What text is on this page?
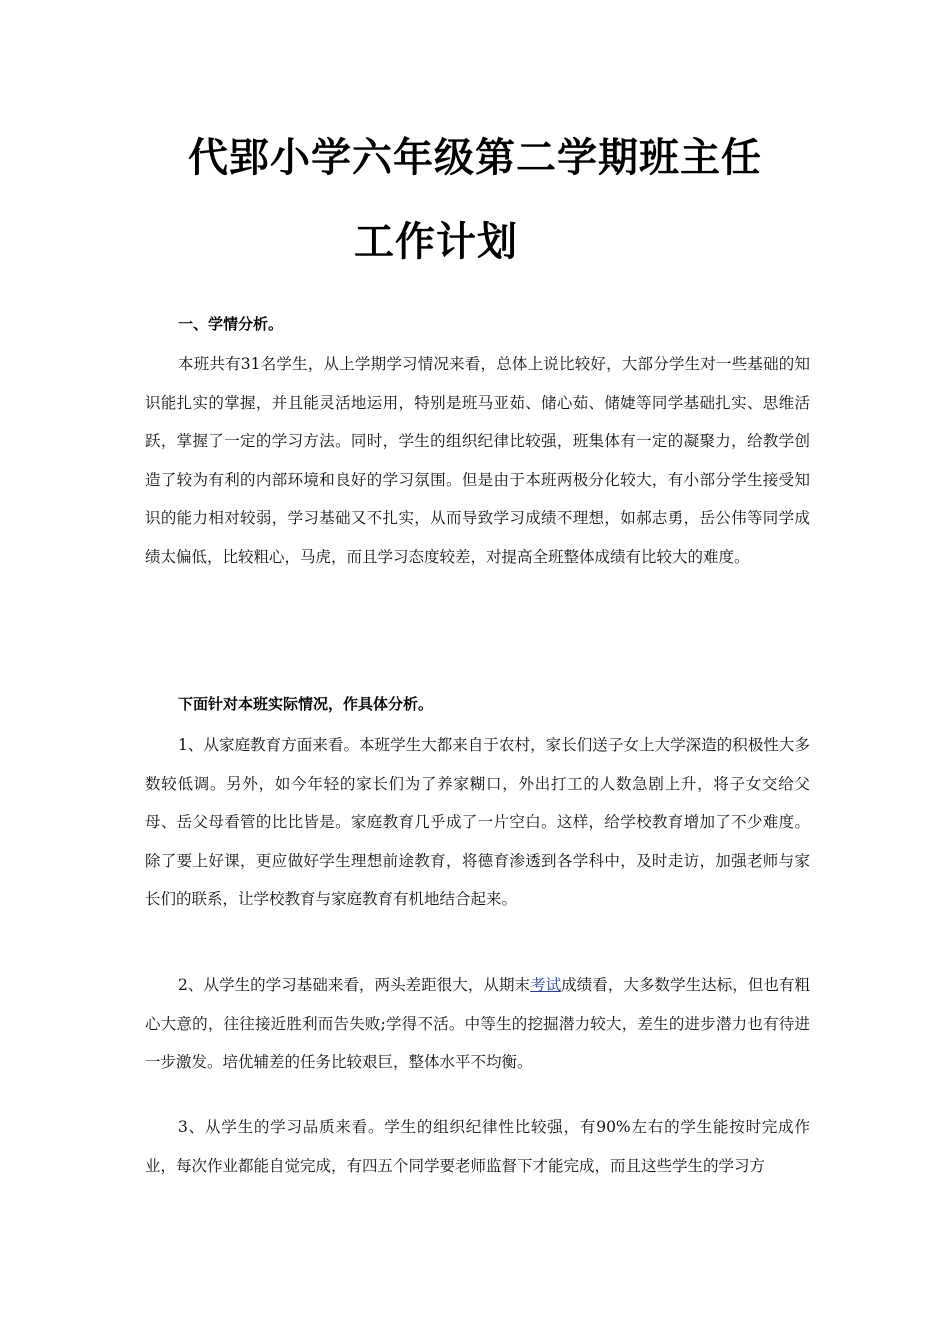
代郢小学六年级第二学期班主任
工作计划
一、学情分析。
本班共有31名学生，从上学期学习情况来看，总体上说比较好，大部分学生对一些基础的知识能扎实的掌握，并且能灵活地运用，特别是班马亚茹、储心茹、储婕等同学基础扎实、思维活跃，掌握了一定的学习方法。同时，学生的组织纪律比较强，班集体有一定的凝聚力，给教学创造了较为有利的内部环境和良好的学习氛围。但是由于本班两极分化较大，有小部分学生接受知识的能力相对较弱，学习基础又不扎实，从而导致学习成绩不理想，如郝志勇，岳公伟等同学成绩太偏低，比较粗心，马虎，而且学习态度较差，对提高全班整体成绩有比较大的难度。
下面针对本班实际情况，作具体分析。
1、从家庭教育方面来看。本班学生大都来自于农村，家长们送子女上大学深造的积极性大多数较低调。另外，如今年轻的家长们为了养家糊口，外出打工的人数急剧上升，将子女交给父母、岳父母看管的比比皆是。家庭教育几乎成了一片空白。这样，给学校教育增加了不少难度。除了要上好课，更应做好学生理想前途教育，将德育渗透到各学科中，及时走访，加强老师与家长们的联系，让学校教育与家庭教育有机地结合起来。
2、从学生的学习基础来看，两头差距很大，从期末考试成绩看，大多数学生达标，但也有粗心大意的，往往接近胜利而告失败;学得不活。中等生的挖掘潜力较大，差生的进步潜力也有待进一步激发。培优辅差的任务比较艰巨，整体水平不均衡。
3、从学生的学习品质来看。学生的组织纪律性比较强，有90%左右的学生能按时完成作业，每次作业都能自觉完成，有四五个同学要老师监督下才能完成，而且这些学生的学习方
